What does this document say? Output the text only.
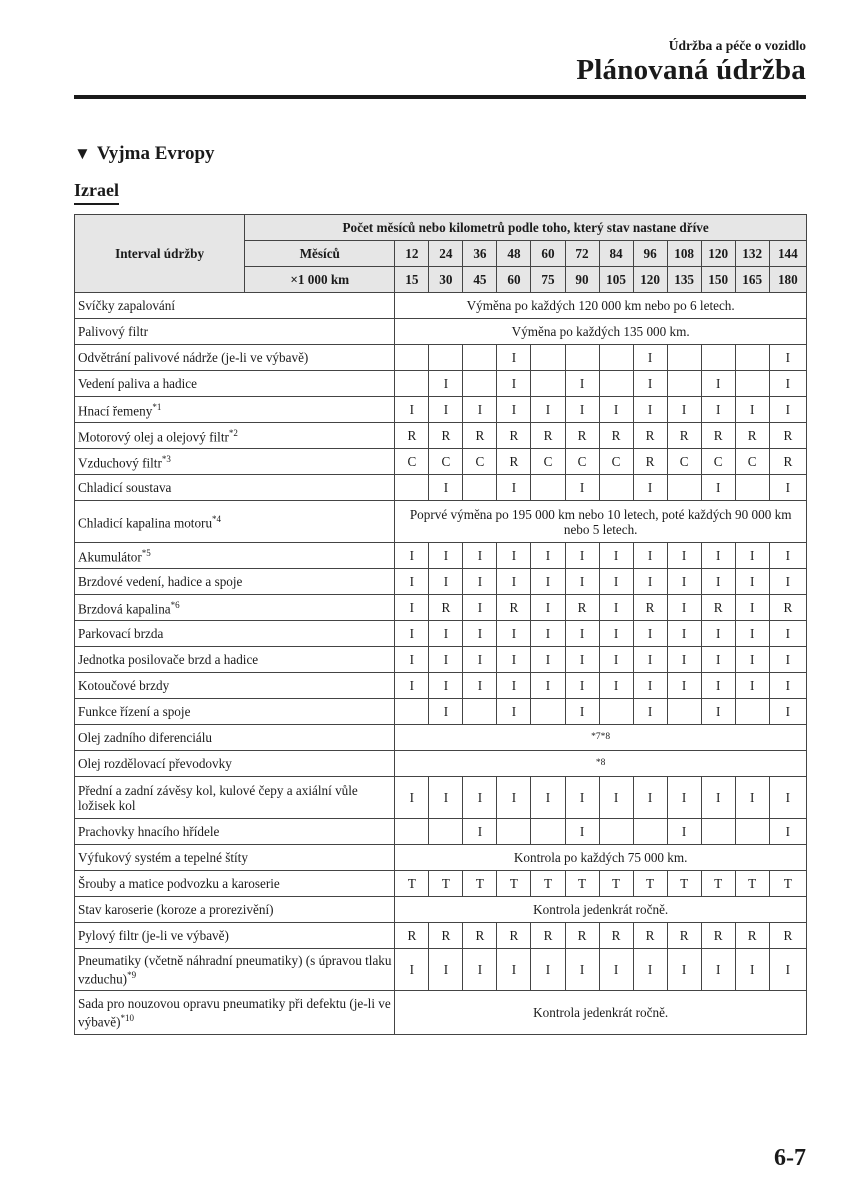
Údržba a péče o vozidlo
Plánovaná údržba
▼ Vyjma Evropy
Izrael
Interval údržby	Počet měsíců nebo kilometrů podle toho, který stav nastane dříve												
	Měsíců	12	24	36	48	60	72	84	96	108	120	132	144
	×1 000 km	15	30	45	60	75	90	105	120	135	150	165	180
Svíčky zapalování		Výměna po každých 120 000 km nebo po 6 letech.											
Palivový filtr		Výměna po každých 135 000 km.											
Odvětrání palivové nádrže (je-li ve výbavě)					I				I				I
Vedení paliva a hadice			I		I		I		I		I		I
Hnací řemeny$^{*1}$		I	I	I	I	I	I	I	I	I	I	I	I
Motorový olej a olejový filtr$^{*2}$		R	R	R	R	R	R	R	R	R	R	R	R
Vzduchový filtr$^{*3}$		C	C	C	R	C	C	C	R	C	C	C	R
Chladicí soustava			I		I		I		I		I		I
Chladicí kapalina motoru$^{*4}$		Poprvé výměna po 195 000 km nebo 10 letech, poté každých 90 000 km nebo 5 letech.											
Akumulátor$^{*5}$		I	I	I	I	I	I	I	I	I	I	I	I
Brzdové vedení, hadice a spoje		I	I	I	I	I	I	I	I	I	I	I	I
Brzdová kapalina$^{*6}$		I	R	I	R	I	R	I	R	I	R	I	R
Parkovací brzda		I	I	I	I	I	I	I	I	I	I	I	I
Jednotka posilovače brzd a hadice		I	I	I	I	I	I	I	I	I	I	I	I
Kotoučové brzdy		I	I	I	I	I	I	I	I	I	I	I	I
Funkce řízení a spoje			I		I		I		I		I		I
Olej zadního diferenciálu		*7*8											
Olej rozdělovací převodovky		*8											
Přední a zadní závěsy kol, kulové čepy a axiální vůle ložisek kol		I	I	I	I	I	I	I	I	I	I	I	I
Prachovky hnacího hřídele				I			I			I			I
Výfukový systém a tepelné štíty		Kontrola po každých 75 000 km.											
Šrouby a matice podvozku a karoserie		T	T	T	T	T	T	T	T	T	T	T	T
Stav karoserie (koroze a prorezivění)		Kontrola jedenkrát ročně.											
Pylový filtr (je-li ve výbavě)		R	R	R	R	R	R	R	R	R	R	R	R
Pneumatiky (včetně náhradní pneumatiky) (s úpravou tlaku vzduchu)$^{*9}$		I	I	I	I	I	I	I	I	I	I	I	I
Sada pro nouzovou opravu pneumatiky při defektu (je-li ve výbavě)$^{*10}$		Kontrola jedenkrát ročně.											
6-7
